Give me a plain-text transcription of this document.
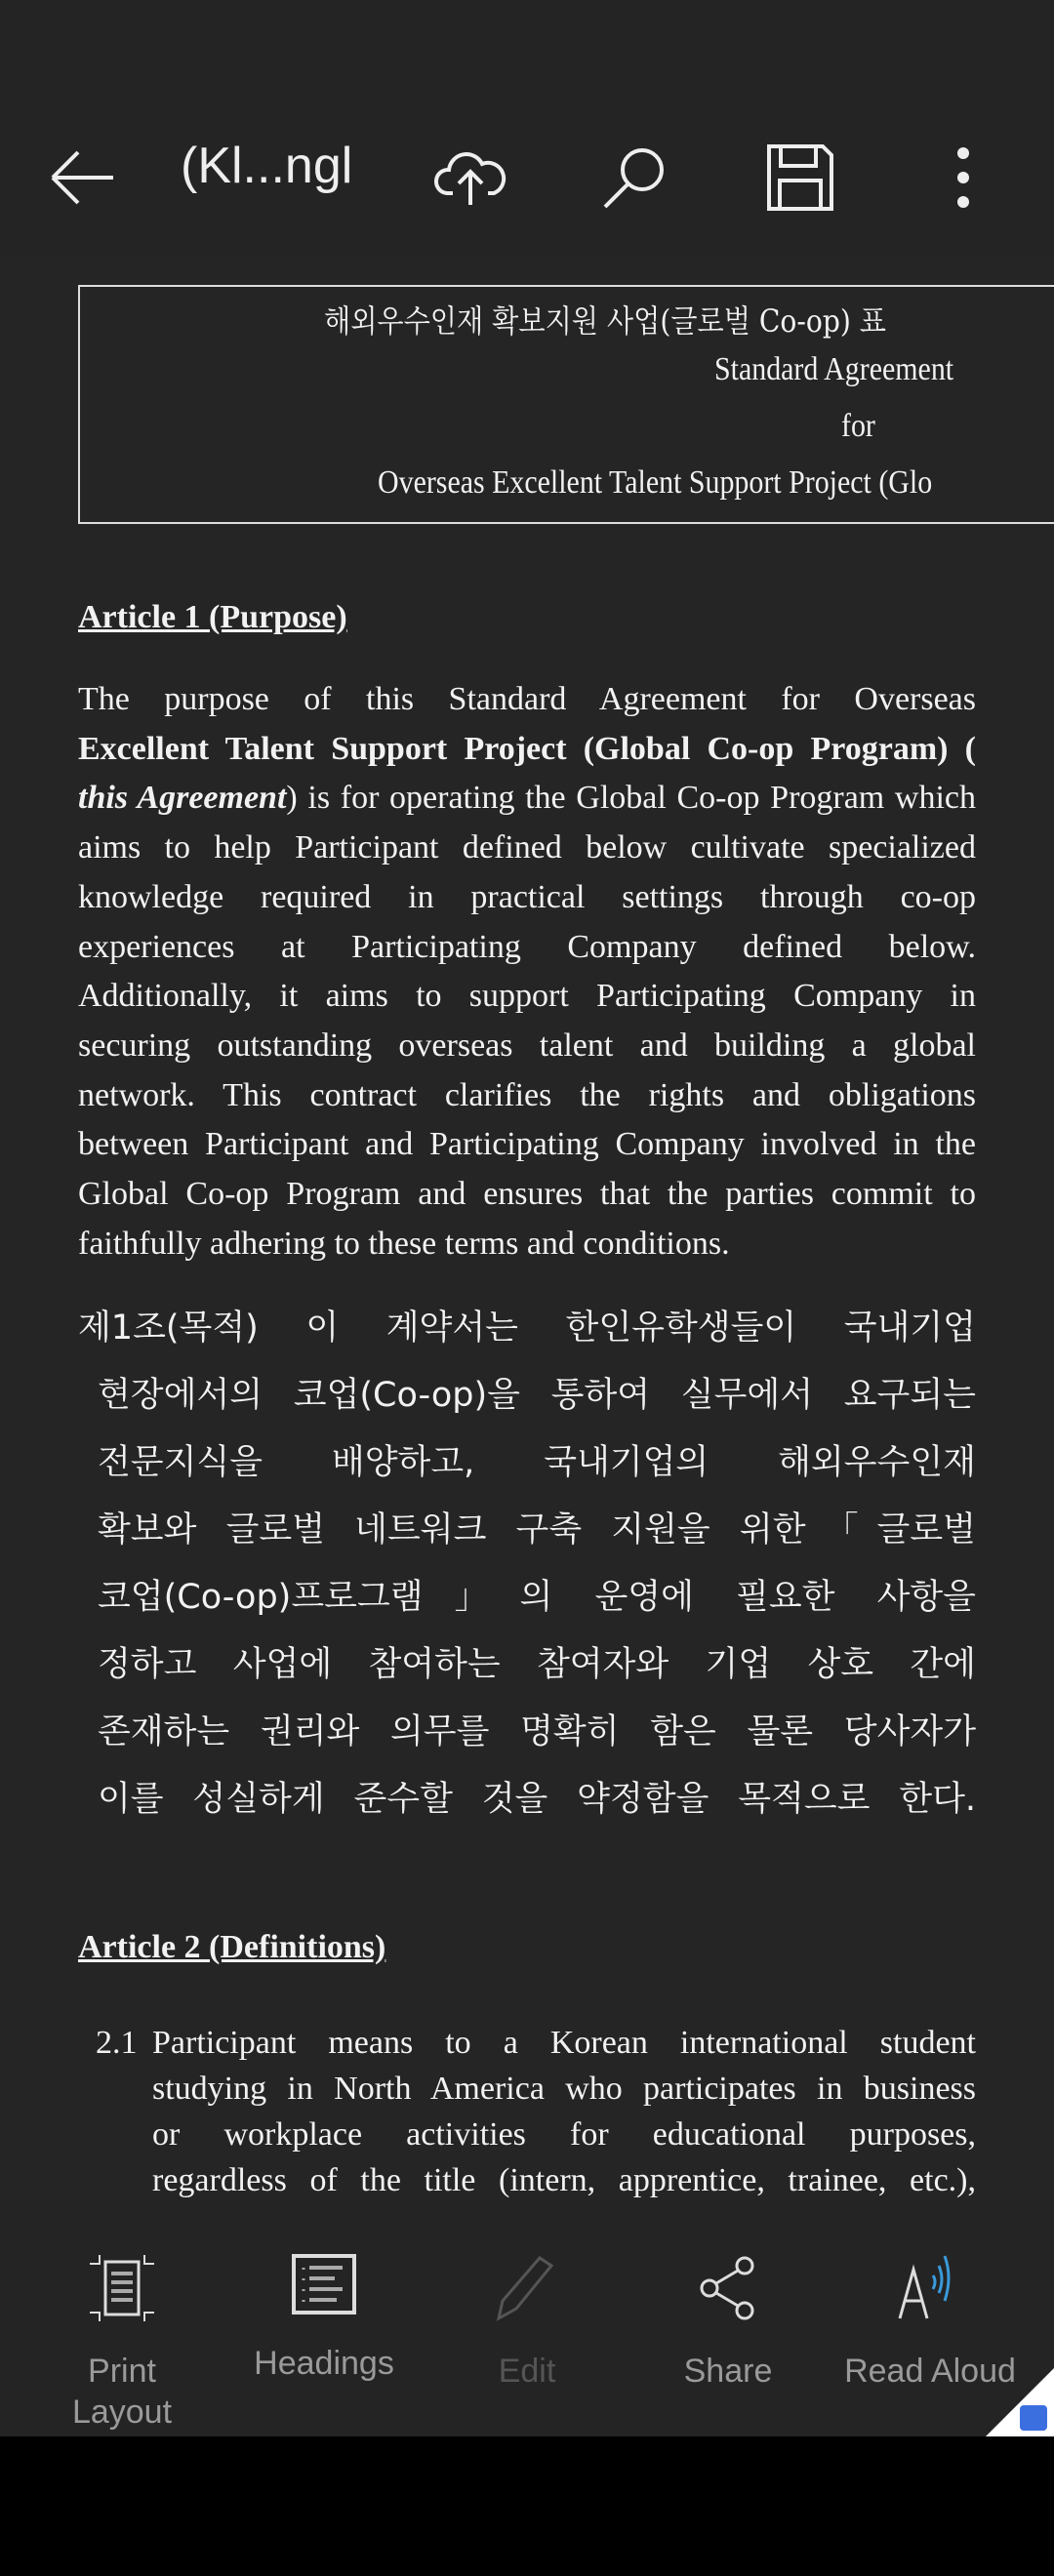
(Kl...ngl
해외우수인재 확보지원 사업(글로벌 Co-op) 표
Standard Agreement
for
Overseas Excellent Talent Support Project (Glo
Article 1 (Purpose)
The purpose of this Standard Agreement for Overseas
Excellent Talent Support Project (Global Co-op Program) (
this Agreement) is for operating the Global Co-op Program which
aims to help Participant defined below cultivate specialized
knowledge required in practical settings through co-op
experiences at Participating Company defined below.
Additionally, it aims to support Participating Company in
securing outstanding overseas talent and building a global
network. This contract clarifies the rights and obligations
between Participant and Participating Company involved in the
Global Co-op Program and ensures that the parties commit to
faithfully adhering to these terms and conditions.
제1조(목적) 이 계약서는 한인유학생들이 국내기업
현장에서의 코업(Co-op)을 통하여 실무에서 요구되는
전문지식을 배양하고, 국내기업의 해외우수인재
확보와 글로벌 네트워크 구축 지원을 위한「글로벌
코업(Co-op)프로그램」의 운영에 필요한 사항을
정하고 사업에 참여하는 참여자와 기업 상호 간에
존재하는 권리와 의무를 명확히 함은 물론 당사자가
이를 성실하게 준수할 것을 약정함을 목적으로 한다.
Article 2 (Definitions)
2.1 Participant means to a Korean international student
studying in North America who participates in business
or workplace activities for educational purposes,
regardless of the title (intern, apprentice, trainee, etc.),
Print Layout
Headings	Edit	Share	Read Aloud
